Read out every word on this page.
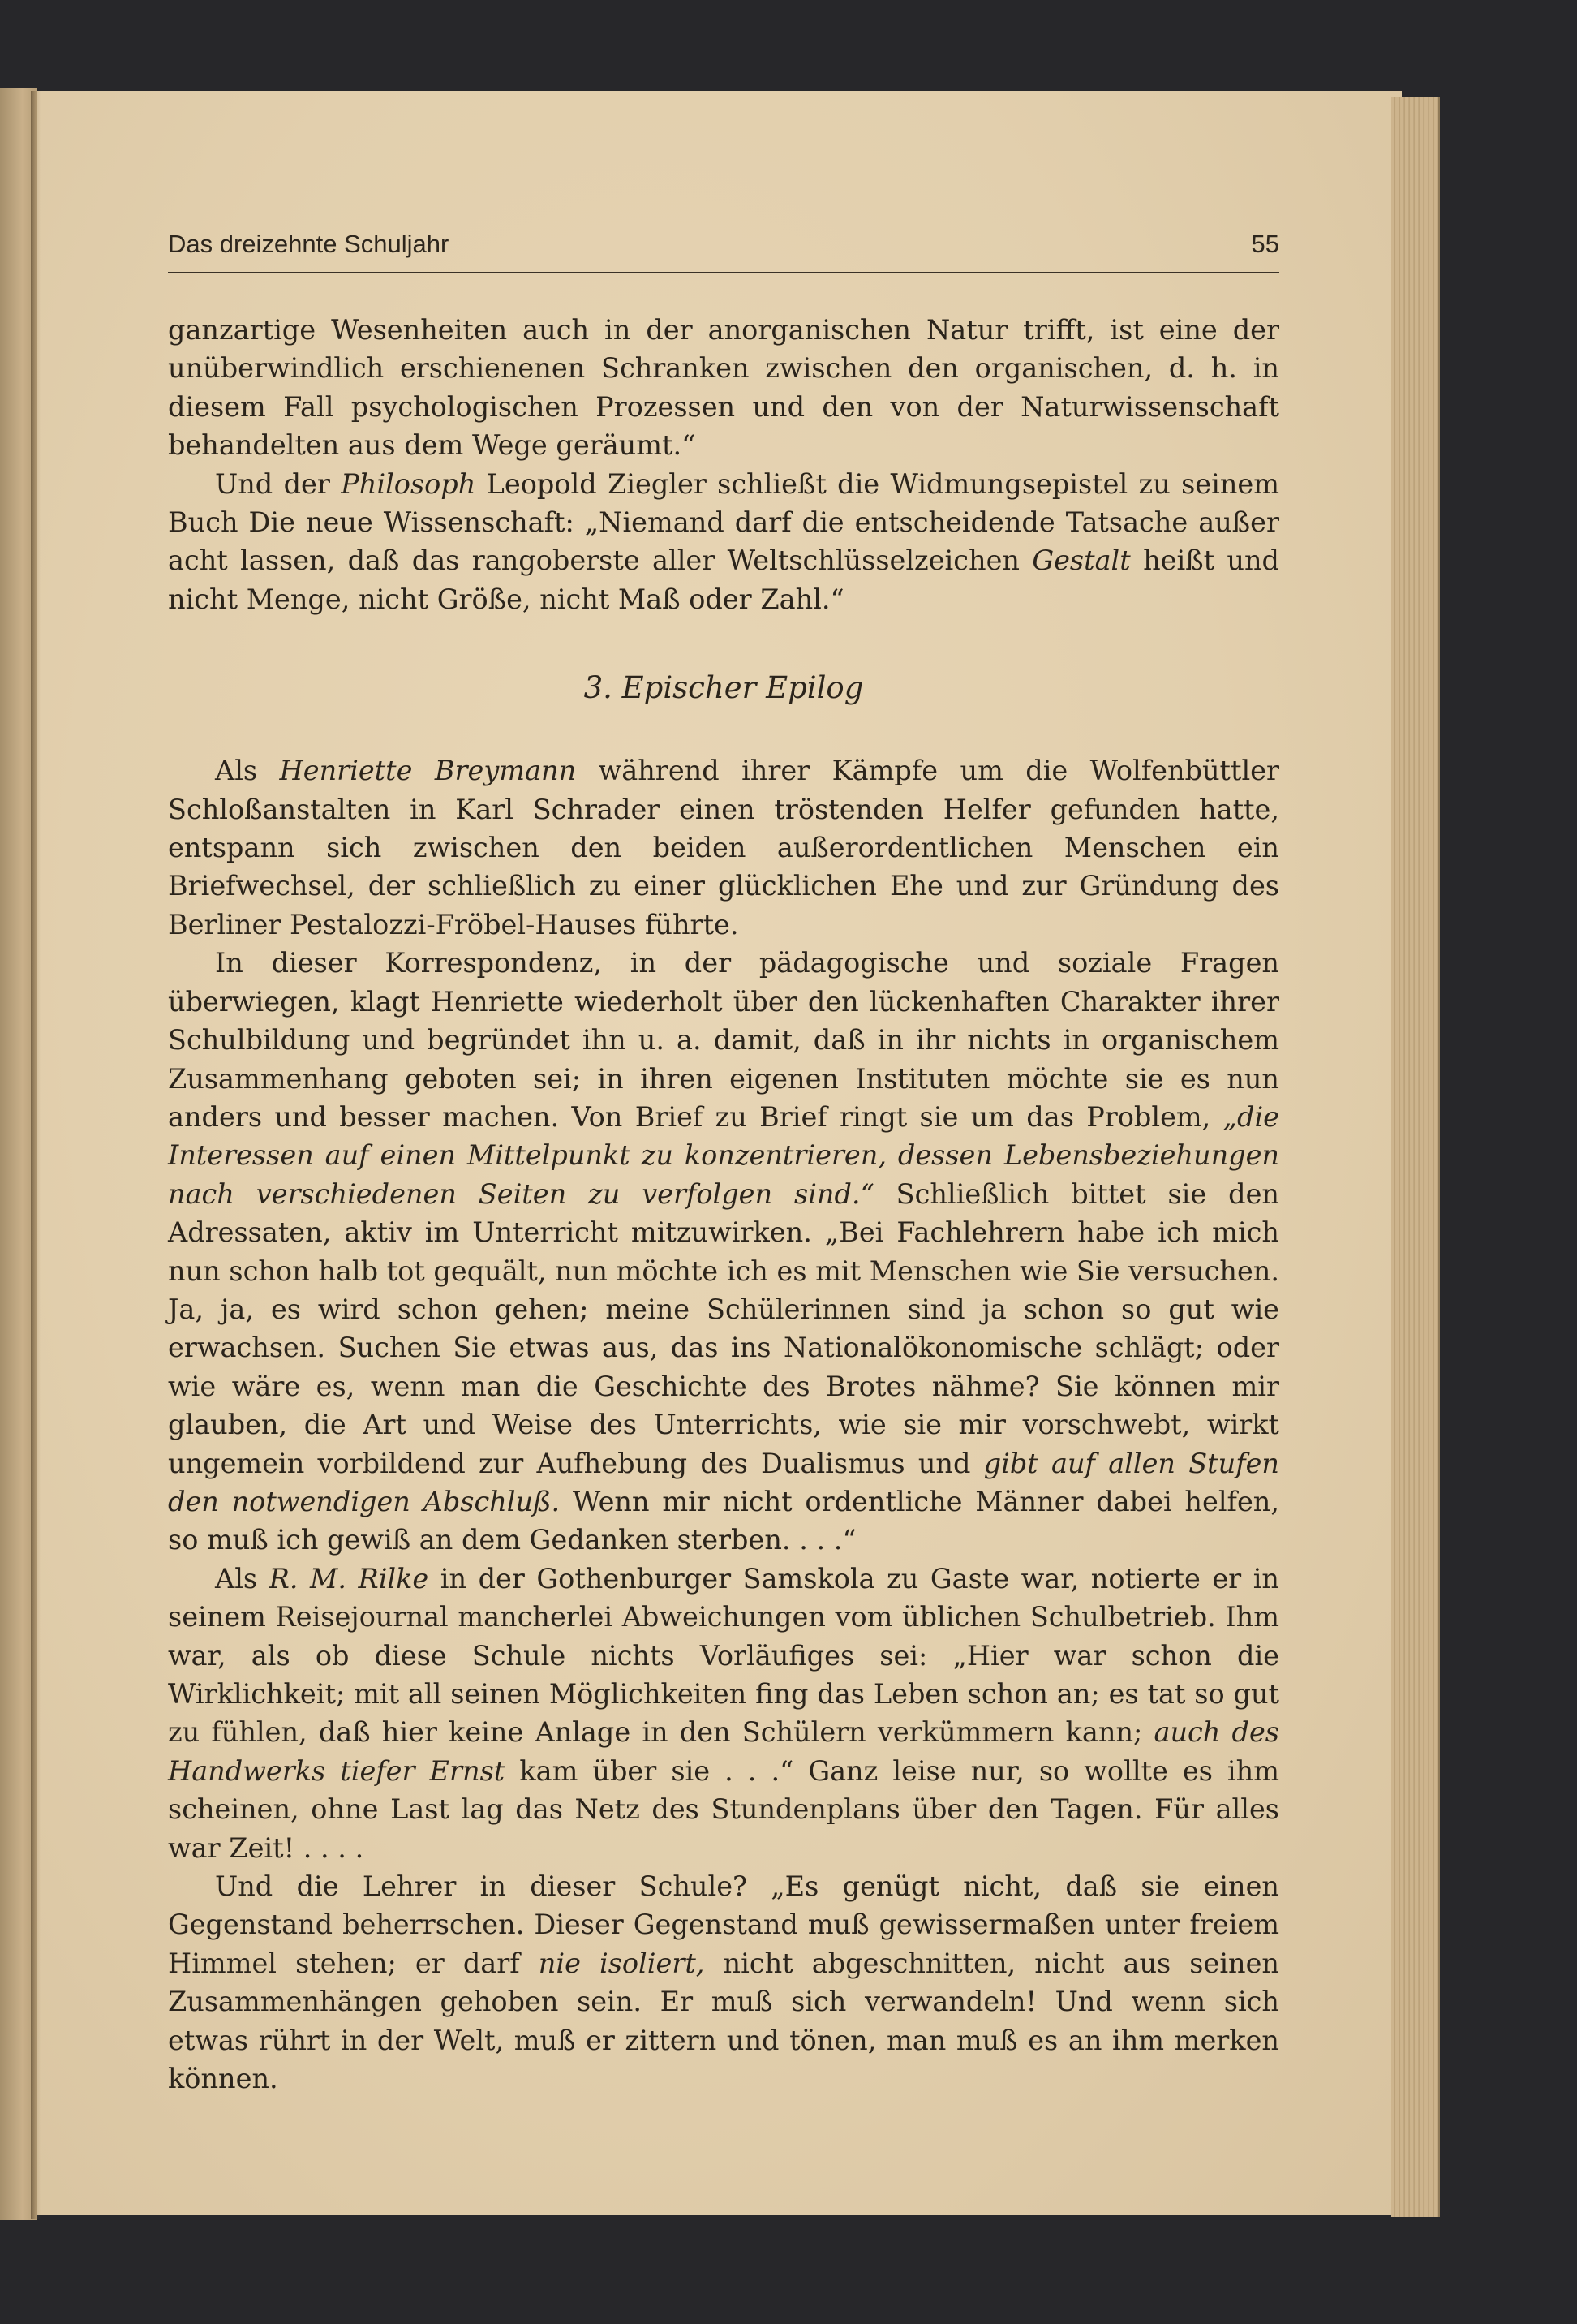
Das dreizehnte Schuljahr	55

ganzartige Wesenheiten auch in der anorganischen Natur trifft, ist eine der unüberwindlich erschienenen Schranken zwischen den organischen, d. h. in diesem Fall psychologischen Prozessen und den von der Naturwissenschaft behandelten aus dem Wege geräumt.“

Und der Philosoph Leopold Ziegler schließt die Widmungsepistel zu seinem Buch Die neue Wissenschaft: „Niemand darf die entscheidende Tatsache außer acht lassen, daß das rangoberste aller Weltschlüsselzeichen Gestalt heißt und nicht Menge, nicht Größe, nicht Maß oder Zahl.“

3. Epischer Epilog

Als Henriette Breymann während ihrer Kämpfe um die Wolfenbüttler Schloßanstalten in Karl Schrader einen tröstenden Helfer gefunden hatte, entspann sich zwischen den beiden außerordentlichen Menschen ein Briefwechsel, der schließlich zu einer glücklichen Ehe und zur Gründung des Berliner Pestalozzi-Fröbel-Hauses führte.

In dieser Korrespondenz, in der pädagogische und soziale Fragen überwiegen, klagt Henriette wiederholt über den lückenhaften Charakter ihrer Schulbildung und begründet ihn u. a. damit, daß in ihr nichts in organischem Zusammenhang geboten sei; in ihren eigenen Instituten möchte sie es nun anders und besser machen. Von Brief zu Brief ringt sie um das Problem, „die Interessen auf einen Mittelpunkt zu konzentrieren, dessen Lebensbeziehungen nach verschiedenen Seiten zu verfolgen sind.“ Schließlich bittet sie den Adressaten, aktiv im Unterricht mitzuwirken. „Bei Fachlehrern habe ich mich nun schon halb tot gequält, nun möchte ich es mit Menschen wie Sie versuchen. Ja, ja, es wird schon gehen; meine Schülerinnen sind ja schon so gut wie erwachsen. Suchen Sie etwas aus, das ins Nationalökonomische schlägt; oder wie wäre es, wenn man die Geschichte des Brotes nähme? Sie können mir glauben, die Art und Weise des Unterrichts, wie sie mir vorschwebt, wirkt ungemein vorbildend zur Aufhebung des Dualismus und gibt auf allen Stufen den notwendigen Abschluß. Wenn mir nicht ordentliche Männer dabei helfen, so muß ich gewiß an dem Gedanken sterben. . . .“

Als R. M. Rilke in der Gothenburger Samskola zu Gaste war, notierte er in seinem Reisejournal mancherlei Abweichungen vom üblichen Schulbetrieb. Ihm war, als ob diese Schule nichts Vorläufiges sei: „Hier war schon die Wirklichkeit; mit all seinen Möglichkeiten fing das Leben schon an; es tat so gut zu fühlen, daß hier keine Anlage in den Schülern verkümmern kann; auch des Handwerks tiefer Ernst kam über sie . . .“ Ganz leise nur, so wollte es ihm scheinen, ohne Last lag das Netz des Stundenplans über den Tagen. Für alles war Zeit! . . . .

Und die Lehrer in dieser Schule? „Es genügt nicht, daß sie einen Gegenstand beherrschen. Dieser Gegenstand muß gewissermaßen unter freiem Himmel stehen; er darf nie isoliert, nicht abgeschnitten, nicht aus seinen Zusammenhängen gehoben sein. Er muß sich verwandeln! Und wenn sich etwas rührt in der Welt, muß er zittern und tönen, man muß es an ihm merken können.
